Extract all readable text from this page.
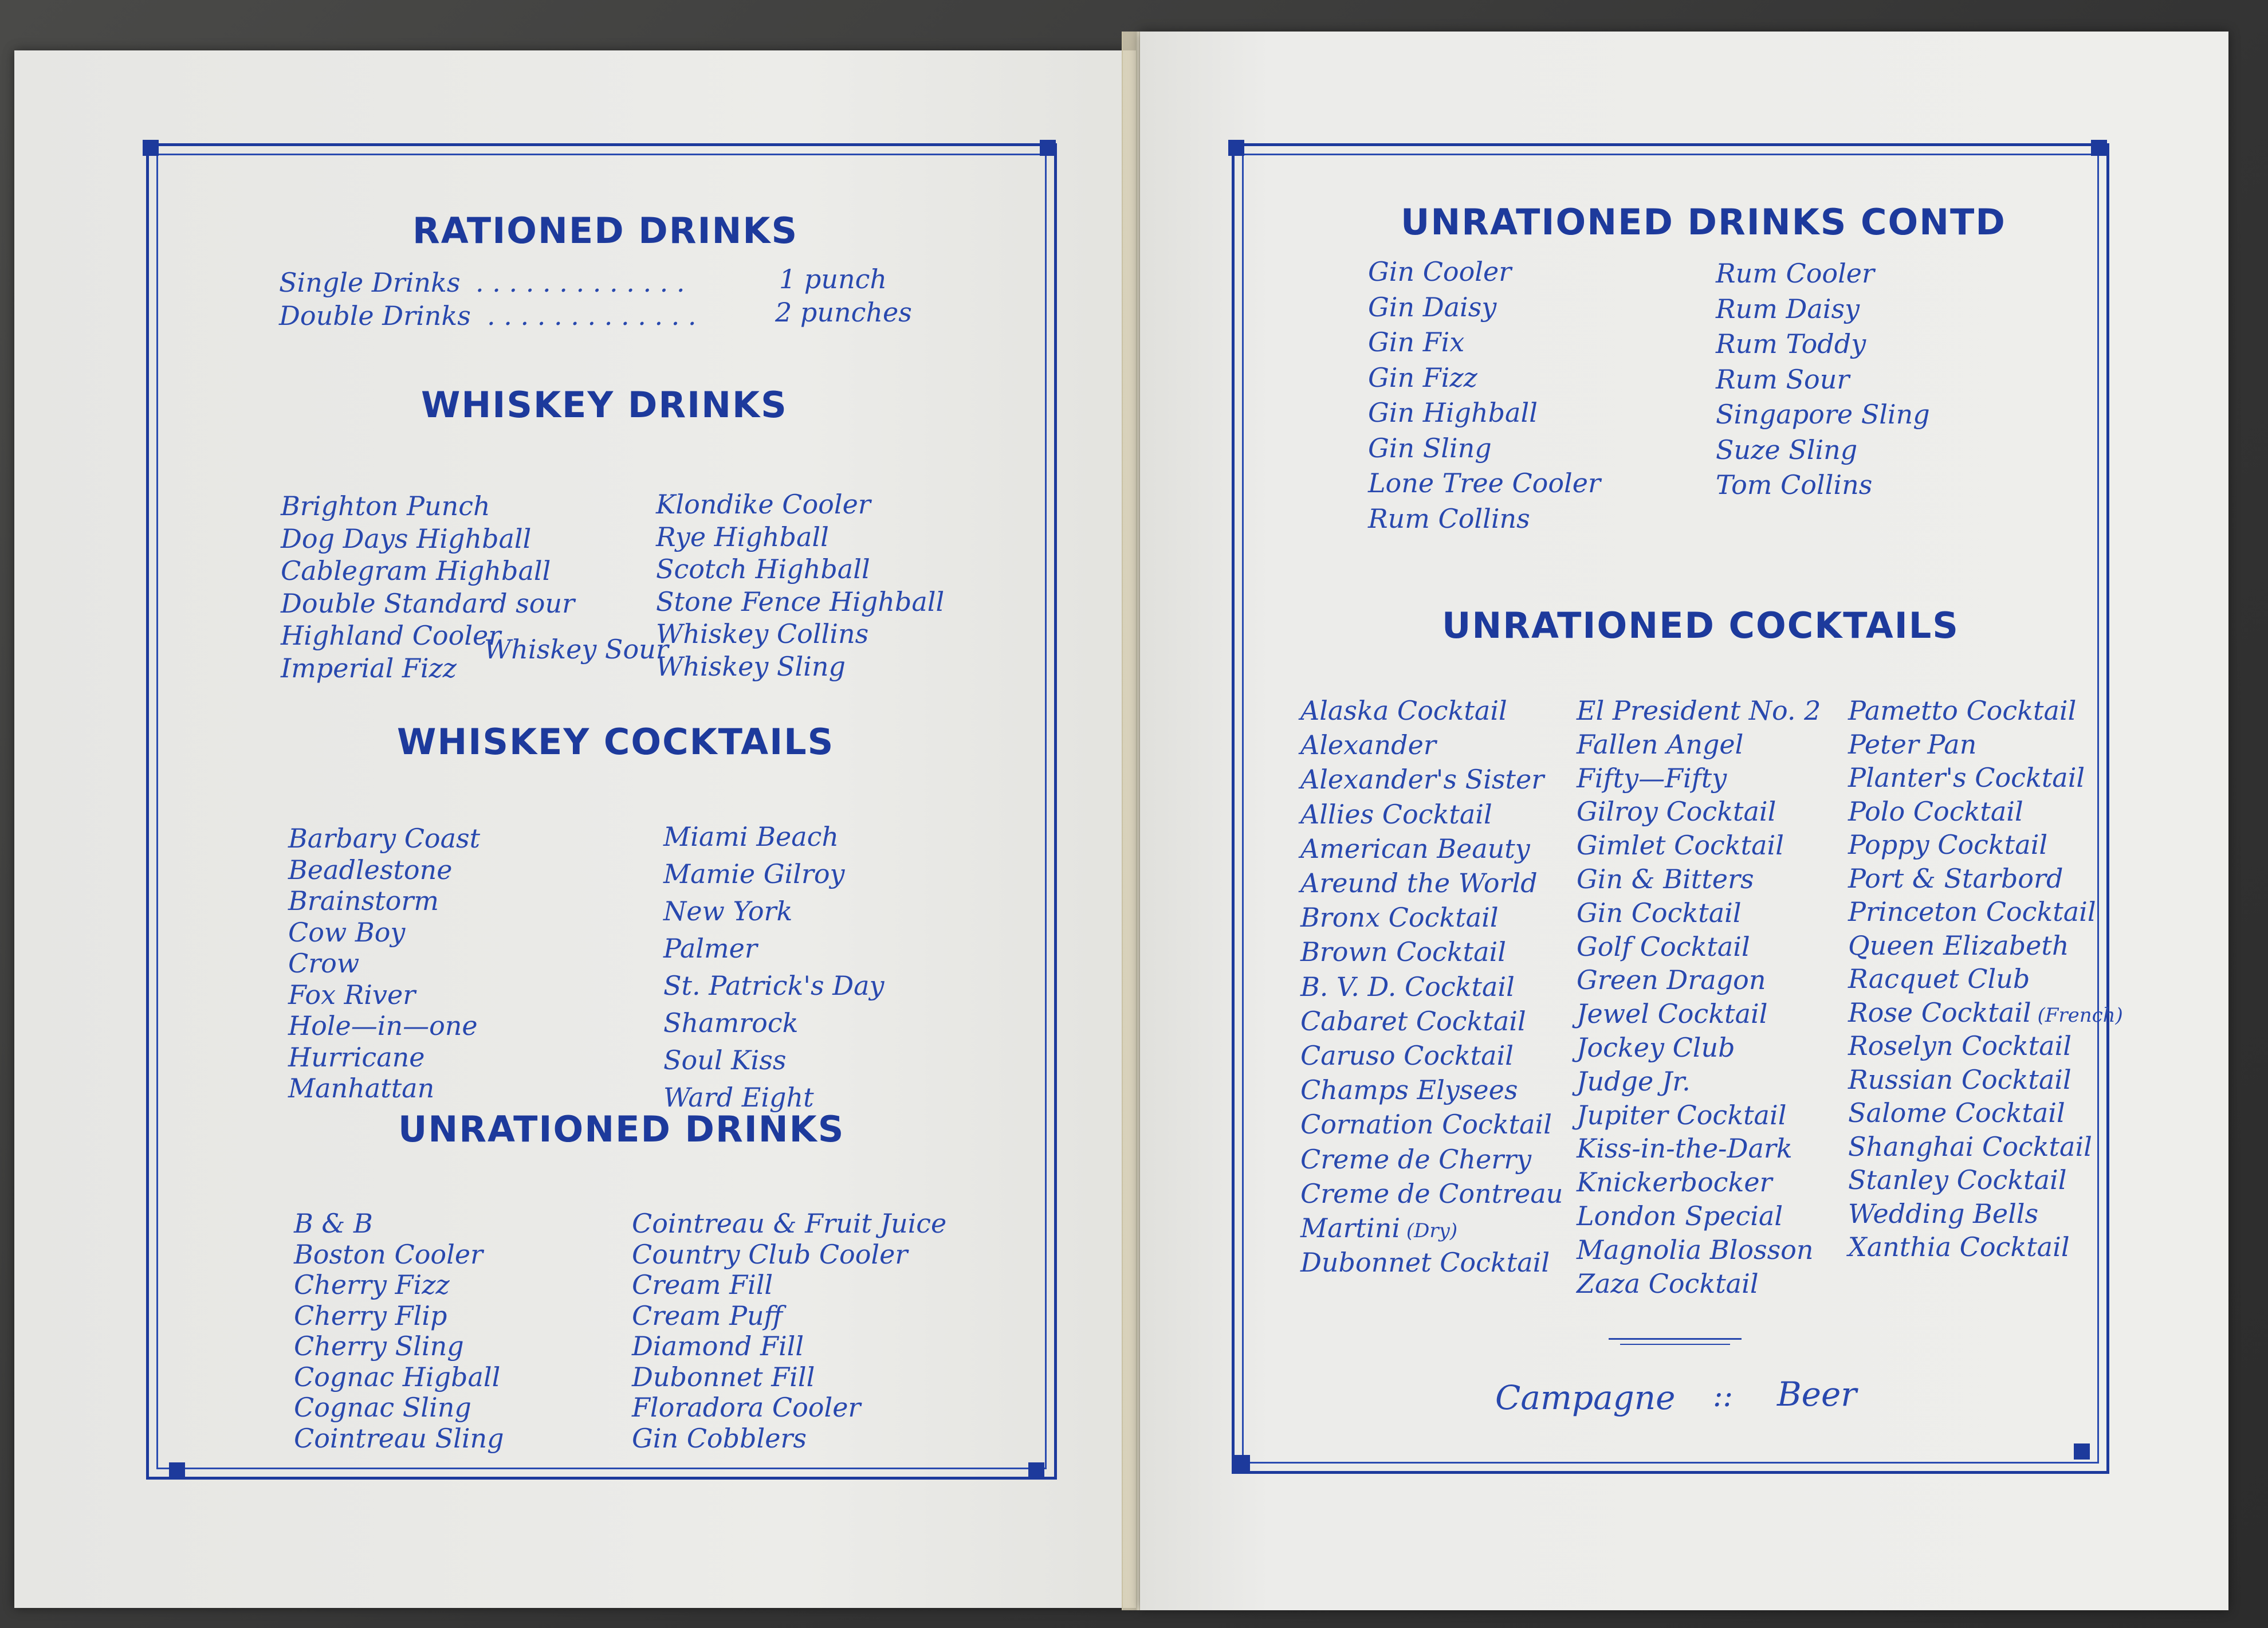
RATIONED DRINKS
Single Drinks . . . . . . . . . . . . .	1 punch
Double Drinks . . . . . . . . . . . . .	2 punches
WHISKEY DRINKS
Brighton Punch
Dog Days Highball
Cablegram Highball
Double Standard sour
Highland Cooler
Imperial Fizz
Klondike Cooler
Rye Highball
Scotch Highball
Stone Fence Highball
Whiskey Collins
Whiskey Sling
Whiskey Sour
WHISKEY COCKTAILS
Barbary Coast
Beadlestone
Brainstorm
Cow Boy
Crow
Fox River
Hole—in—one
Hurricane
Manhattan
Miami Beach
Mamie Gilroy
New York
Palmer
St. Patrick's Day
Shamrock
Soul Kiss
Ward Eight
UNRATIONED DRINKS
B & B
Boston Cooler
Cherry Fizz
Cherry Flip
Cherry Sling
Cognac Higball
Cognac Sling
Cointreau Sling
Cointreau & Fruit Juice
Country Club Cooler
Cream Fill
Cream Puff
Diamond Fill
Dubonnet Fill
Floradora Cooler
Gin Cobblers
UNRATIONED DRINKS CONTD
Gin Cooler
Gin Daisy
Gin Fix
Gin Fizz
Gin Highball
Gin Sling
Lone Tree Cooler
Rum Collins
Rum Cooler
Rum Daisy
Rum Toddy
Rum Sour
Singapore Sling
Suze Sling
Tom Collins
UNRATIONED COCKTAILS
Alaska Cocktail
Alexander
Alexander's Sister
Allies Cocktail
American Beauty
Areund the World
Bronx Cocktail
Brown Cocktail
B. V. D. Cocktail
Cabaret Cocktail
Caruso Cocktail
Champs Elysees
Cornation Cocktail
Creme de Cherry
Creme de Contreau
Martini (Dry)
Dubonnet Cocktail
El President No. 2
Fallen Angel
Fifty—Fifty
Gilroy Cocktail
Gimlet Cocktail
Gin & Bitters
Gin Cocktail
Golf Cocktail
Green Dragon
Jewel Cocktail
Jockey Club
Judge Jr.
Jupiter Cocktail
Kiss-in-the-Dark
Knickerbocker
London Special
Magnolia Blosson
Zaza Cocktail
Pametto Cocktail
Peter Pan
Planter's Cocktail
Polo Cocktail
Poppy Cocktail
Port & Starbord
Princeton Cocktail
Queen Elizabeth
Racquet Club
Rose Cocktail (French)
Roselyn Cocktail
Russian Cocktail
Salome Cocktail
Shanghai Cocktail
Stanley Cocktail
Wedding Bells
Xanthia Cocktail
Campagne :: Beer
